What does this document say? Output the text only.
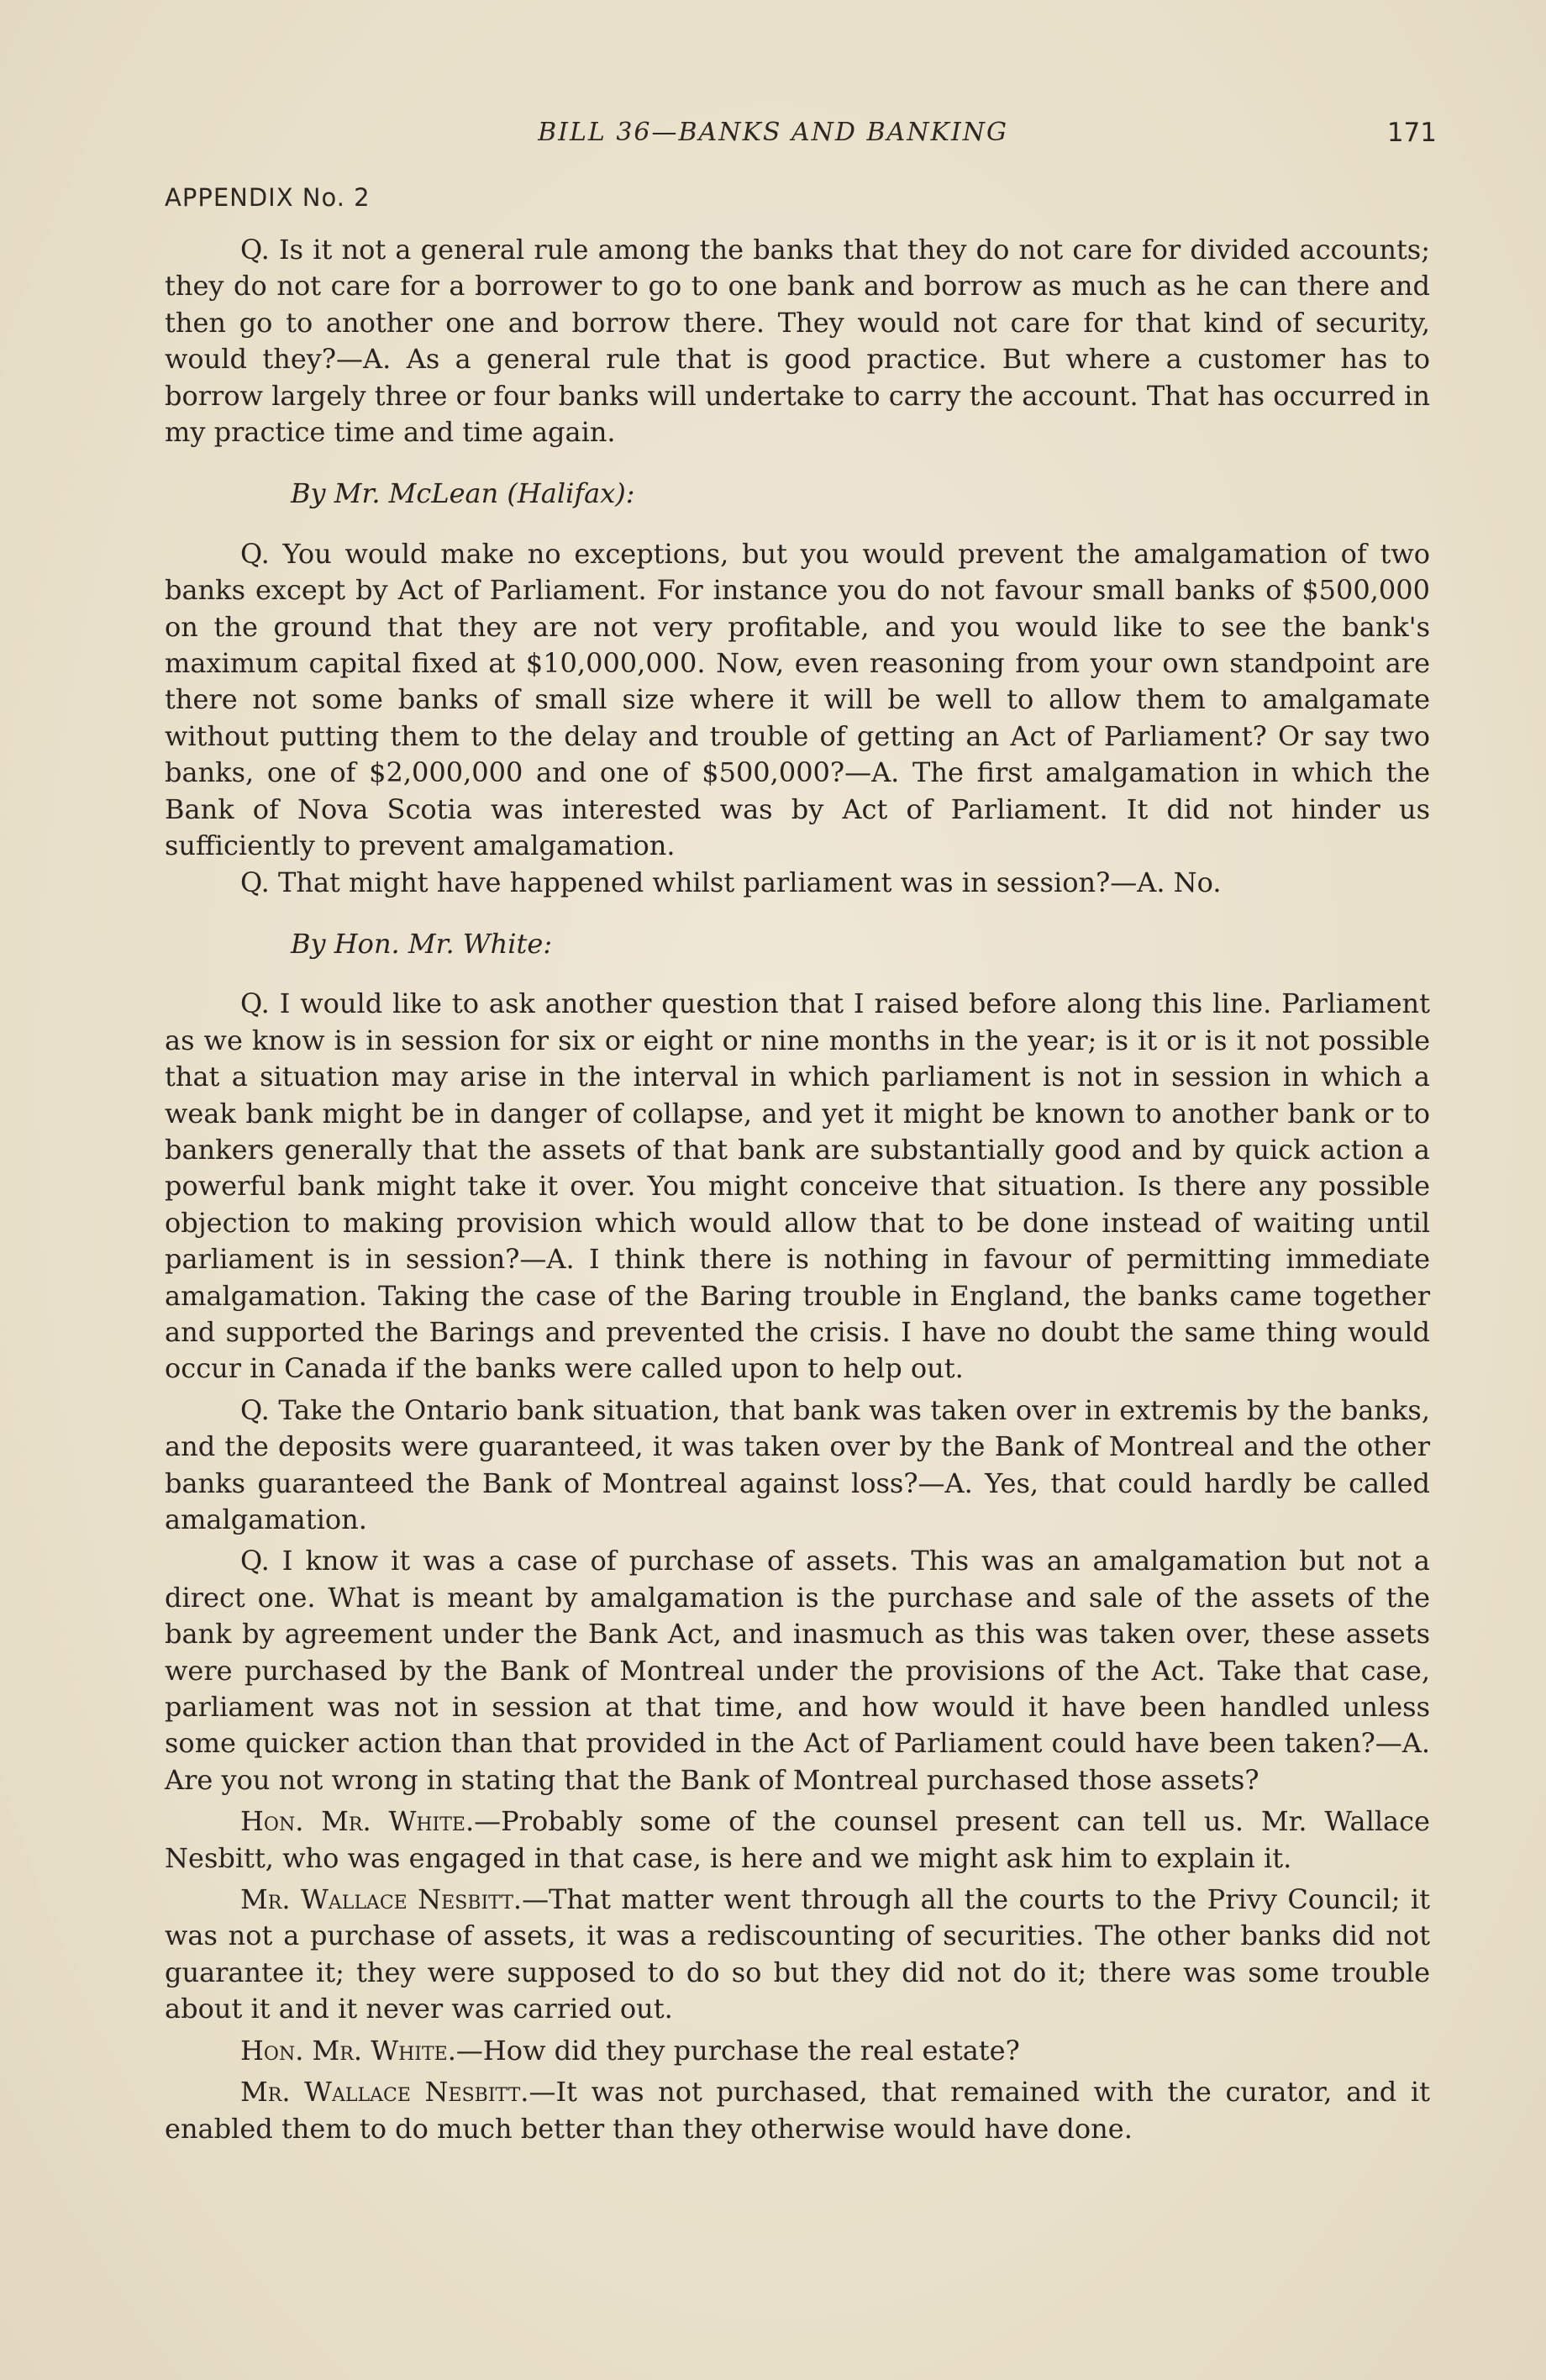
BILL 36—BANKS AND BANKING	171
APPENDIX No. 2

Q. Is it not a general rule among the banks that they do not care for divided accounts; they do not care for a borrower to go to one bank and borrow as much as he can there and then go to another one and borrow there. They would not care for that kind of security, would they?—A. As a general rule that is good practice. But where a customer has to borrow largely three or four banks will undertake to carry the account. That has occurred in my practice time and time again.

By Mr. McLean (Halifax):

Q. You would make no exceptions, but you would prevent the amalgamation of two banks except by Act of Parliament. For instance you do not favour small banks of $500,000 on the ground that they are not very profitable, and you would like to see the bank's maximum capital fixed at $10,000,000. Now, even reasoning from your own standpoint are there not some banks of small size where it will be well to allow them to amalgamate without putting them to the delay and trouble of getting an Act of Parliament? Or say two banks, one of $2,000,000 and one of $500,000?—A. The first amalgamation in which the Bank of Nova Scotia was interested was by Act of Parliament. It did not hinder us sufficiently to prevent amalgamation.

Q. That might have happened whilst parliament was in session?—A. No.

By Hon. Mr. White:

Q. I would like to ask another question that I raised before along this line. Parliament as we know is in session for six or eight or nine months in the year; is it or is it not possible that a situation may arise in the interval in which parliament is not in session in which a weak bank might be in danger of collapse, and yet it might be known to another bank or to bankers generally that the assets of that bank are substantially good and by quick action a powerful bank might take it over. You might conceive that situation. Is there any possible objection to making provision which would allow that to be done instead of waiting until parliament is in session?—A. I think there is nothing in favour of permitting immediate amalgamation. Taking the case of the Baring trouble in England, the banks came together and supported the Barings and prevented the crisis. I have no doubt the same thing would occur in Canada if the banks were called upon to help out.

Q. Take the Ontario bank situation, that bank was taken over in extremis by the banks, and the deposits were guaranteed, it was taken over by the Bank of Montreal and the other banks guaranteed the Bank of Montreal against loss?—A. Yes, that could hardly be called amalgamation.

Q. I know it was a case of purchase of assets. This was an amalgamation but not a direct one. What is meant by amalgamation is the purchase and sale of the assets of the bank by agreement under the Bank Act, and inasmuch as this was taken over, these assets were purchased by the Bank of Montreal under the provisions of the Act. Take that case, parliament was not in session at that time, and how would it have been handled unless some quicker action than that provided in the Act of Parliament could have been taken?—A. Are you not wrong in stating that the Bank of Montreal purchased those assets?

Hon. Mr. White.—Probably some of the counsel present can tell us. Mr. Wallace Nesbitt, who was engaged in that case, is here and we might ask him to explain it.

Mr. Wallace Nesbitt.—That matter went through all the courts to the Privy Council; it was not a purchase of assets, it was a rediscounting of securities. The other banks did not guarantee it; they were supposed to do so but they did not do it; there was some trouble about it and it never was carried out.

Hon. Mr. White.—How did they purchase the real estate?

Mr. Wallace Nesbitt.—It was not purchased, that remained with the curator, and it enabled them to do much better than they otherwise would have done.
